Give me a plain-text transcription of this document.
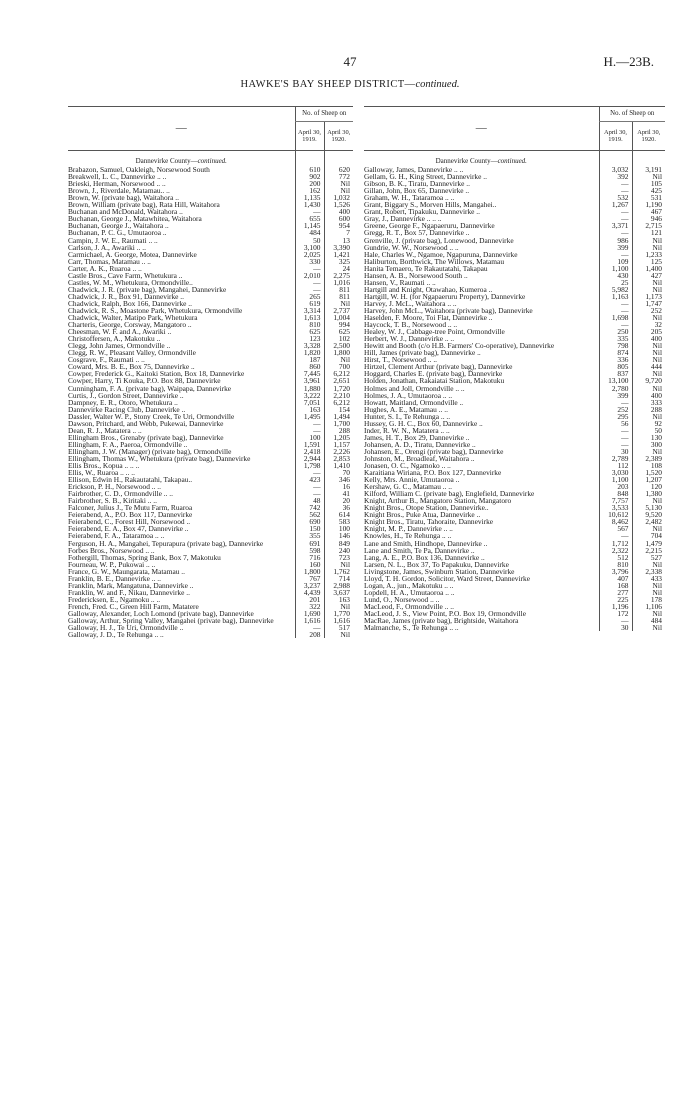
47	H.—23B.
HAWKE'S BAY SHEEP DISTRICT—continued.
—	No. of Sheep on	
	April 30, 1919.	April 30, 1920.
Dannevirke County—continued.		
Brabazon, Samuel, Oakleigh, Norsewood South	610	620
Breakwell, L. C., Dannevirke .. ..	902	772
Brieski, Herman, Norsewood .. ..	200	Nil
Brown, J., Riverdale, Matamau.. ..	162	Nil
Brown, W. (private bag), Waitahora ..	1,135	1,032
Brown, William (private bag), Rata Hill, Waitahora	1,430	1,526
Buchanan and McDonald, Waitahora ..	—	400
Buchanan, George J., Matawhitea, Waitahora	655	600
Buchanan, George J., Waitahora ..	1,145	954
Buchanan, P. C. G., Umutaoroa ..	484	7
Campin, J. W. E., Raumati .. ..	50	13
Carlson, J. A., Awariki .. ..	3,100	3,390
Carmichael, A. George, Motea, Dannevirke	2,025	1,421
Carr, Thomas, Matamau .. ..	330	325
Carter, A. K., Ruaroa .. ..	—	24
Castle Bros., Cave Farm, Whetukura ..	2,010	2,275
Castles, W. M., Whetukura, Ormondville..	—	1,016
Chadwick, J. R. (private bag), Mangahei, Dannevirke	—	811
Chadwick, J. R., Box 91, Dannevirke ..	265	811
Chadwick, Ralph, Box 166, Dannevirke ..	619	Nil
Chadwick, R. S., Moastone Park, Whetukura, Ormondville	3,314	2,737
Chadwick, Walter, Matipo Park, Whetukura	1,613	1,004
Charteris, George, Corsway, Mangatoro ..	810	994
Cheesman, W. F. and A., Awariki ..	625	625
Christoffersen, A., Makotuku ..	123	102
Clegg, John James, Ormondville ..	3,328	2,500
Clegg, R. W., Pleasant Valley, Ormondville	1,820	1,800
Cosgrave, F., Raumati .. ..	187	Nil
Coward, Mrs. B. E., Box 75, Dannevirke ..	860	700
Cowper, Frederick G., Kaitoki Station, Box 18, Dannevirke	7,445	6,212
Cowper, Harry, Ti Kouka, P.O. Box 88, Dannevirke	3,961	2,651
Cunningham, F. A. (private bag), Waipapa, Dannevirke	1,880	1,720
Curtis, J., Gordon Street, Dannevirke ..	3,222	2,210
Dampney, E. R., Otoro, Whetukura ..	7,051	6,212
Dannevirke Racing Club, Dannevirke ..	163	154
Dassler, Walter W. P., Stony Creek, Te Uri, Ormondville	1,495	1,494
Dawson, Pritchard, and Webb, Pukewai, Dannevirke	—	1,700
Dean, R. J., Matatera .. ..	—	288
Ellingham Bros., Grenaby (private bag), Dannevirke	100	1,205
Ellingham, F. A., Paeroa, Ormondville ..	1,591	1,157
Ellingham, J. W. (Manager) (private bag), Ormondville	2,418	2,226
Ellingham, Thomas W., Whetukura (private bag), Dannevirke	2,944	2,853
Ellis Bros., Kopua .. .. ..	1,798	1,410
Ellis, W., Ruaroa .. .. ..	—	70
Ellison, Edwin H., Rakautatahi, Takapau..	423	346
Erickson, P. H., Norsewood .. ..	—	16
Fairbrother, C. D., Ormondville .. ..	—	41
Fairbrother, S. B., Kiritaki .. ..	48	20
Falconer, Julius J., Te Mutu Farm, Ruaroa	742	36
Feierabend, A., P.O. Box 117, Dannevirke	562	614
Feierabend, C., Forest Hill, Norsewood ..	690	583
Feierabend, E. A., Box 47, Dannevirke ..	150	100
Feierabend, F. A., Tataramoa .. ..	355	146
Ferguson, H. A., Mangahei, Tepurapura (private bag), Dannevirke	691	849
Forbes Bros., Norsewood .. ..	598	240
Fothergill, Thomas, Spring Bank, Box 7, Makotuku	716	723
Fourneau, W. P., Pukowai .. ..	160	Nil
France, G. W., Maungarata, Matamau ..	1,800	1,762
Franklin, B. E., Dannevirke .. ..	767	714
Franklin, Mark, Mangatuna, Dannevirke ..	3,237	2,988
Franklin, W. and F., Nikau, Dannevirke ..	4,439	3,637
Fredericksen, E., Ngamoku .. ..	201	163
French, Fred. C., Green Hill Farm, Matatere	322	Nil
Galloway, Alexander, Loch Lomond (private bag), Dannevirke	1,690	1,770
Galloway, Arthur, Spring Valley, Mangahei (private bag), Dannevirke	1,616	1,616
Galloway, H. J., Te Uri, Ormondville ..	—	517
Galloway, J. D., Te Rehunga .. ..	208	Nil
—	No. of Sheep on	
	April 30, 1919.	April 30, 1920.
Dannevirke County—continued.		
Galloway, James, Dannevirke .. ..	3,032	3,191
Gellam, G. H., King Street, Dannevirke ..	392	Nil
Gibson, B. K., Tiratu, Dannevirke ..	—	105
Gillan, John, Box 65, Dannevirke ..	—	425
Graham, W. H., Tataramoa .. ..	532	531
Grant, Biggary S., Morven Hills, Mangahei..	1,267	1,190
Grant, Robert, Tipakuku, Dannevirke ..	—	467
Gray, J., Dannevirke .. .. ..	—	946
Greene, George F., Ngapaeruru, Dannevirke	3,371	2,715
Gregg, R. T., Box 57, Dannevirke ..	—	121
Grenville, J. (private bag), Lonewood, Dannevirke	986	Nil
Gundrie, W. W., Norsewood .. ..	399	Nil
Hale, Charles W., Ngamoe, Ngapuruna, Dannevirke	—	1,233
Haliburton, Borthwick, The Willows, Matamau	109	125
Hanita Temaero, Te Rakautatahi, Takapau	1,100	1,400
Hansen, A. B., Norsewood South ..	430	427
Hansen, V., Raumati .. ..	25	Nil
Hartgill and Knight, Otawahao, Kumeroa ..	5,982	Nil
Hartgill, W. H. (for Ngapaeruru Property), Dannevirke	1,163	1,173
Harvey, J. McL., Waitahora .. ..	—	1,747
Harvey, John McL., Waitahora (private bag), Dannevirke	—	252
Haselden, F. Moore, Toi Flat, Dannevirke ..	1,698	Nil
Haycock, T. B., Norsewood .. ..	—	32
Healey, W. J., Cabbage-tree Point, Ormondville	250	205
Herbert, W. J., Dannevirke .. ..	335	400
Hewitt and Booth (c/o H.B. Farmers' Co-operative), Dannevirke	798	Nil
Hill, James (private bag), Dannevirke ..	874	Nil
Hirst, T., Norsewood .. ..	336	Nil
Hirtzel, Clement Arthur (private bag), Dannevirke	805	444
Hoggard, Charles E. (private bag), Dannevirke	837	Nil
Holden, Jonathan, Rakaiatai Station, Makotuku	13,100	9,720
Holmes and Joll, Ormondville .. ..	2,780	Nil
Holmes, J. A., Umutaoroa .. ..	399	400
Howatt, Maitland, Ormondville ..	—	333
Hughes, A. E., Matamau .. ..	252	288
Hunter, S. I., Te Rehunga .. ..	295	Nil
Hussey, G. H. C., Box 60, Dannevirke ..	56	92
Inder, R. W. N., Matatera .. ..	—	50
James, H. T., Box 29, Dannevirke ..	—	130
Johansen, A. D., Tiratu, Dannevirke ..	—	300
Johansen, E., Orengi (private bag), Dannevirke	30	Nil
Johnston, M., Broadleaf, Waitahora ..	2,789	2,389
Jonasen, O. C., Ngamoko .. ..	112	108
Karaitiana Wiriana, P.O. Box 127, Dannevirke	3,030	1,520
Kelly, Mrs. Annie, Umutaoroa ..	1,100	1,207
Kershaw, G. C., Matamau .. ..	203	120
Kilford, William C. (private bag), Englefield, Dannevirke	848	1,380
Knight, Arthur B., Mangatoro Station, Mangatoro	7,757	Nil
Knight Bros., Otope Station, Dannevirke..	3,533	5,130
Knight Bros., Puke Atua, Dannevirke ..	10,612	9,520
Knight Bros., Tiratu, Tahoraite, Dannevirke	8,462	2,482
Knight, M. P., Dannevirke .. ..	567	Nil
Knowles, H., Te Rehunga .. ..	—	704
Lane and Smith, Hindhope, Dannevirke ..	1,712	1,479
Lane and Smith, Te Pa, Dannevirke ..	2,322	2,215
Lang, A. E., P.O. Box 136, Dannevirke ..	512	527
Larsen, N. L., Box 37, To Papakuku, Dannevirke	810	Nil
Livingstone, James, Swinburn Station, Dannevirke	3,796	2,338
Lloyd, T. H. Gordon, Solicitor, Ward Street, Dannevirke	407	433
Logan, A., jun., Makotuku .. ..	168	Nil
Lopdell, H. A., Umutaoroa .. ..	277	Nil
Lund, O., Norsewood .. ..	225	178
MacLeod, F., Ormondville .. ..	1,196	1,106
MacLeod, J. S., View Point, P.O. Box 19, Ormondville	172	Nil
MacRae, James (private bag), Brightside, Waitahora	—	484
Malmanche, S., Te Rehunga .. ..	30	Nil
